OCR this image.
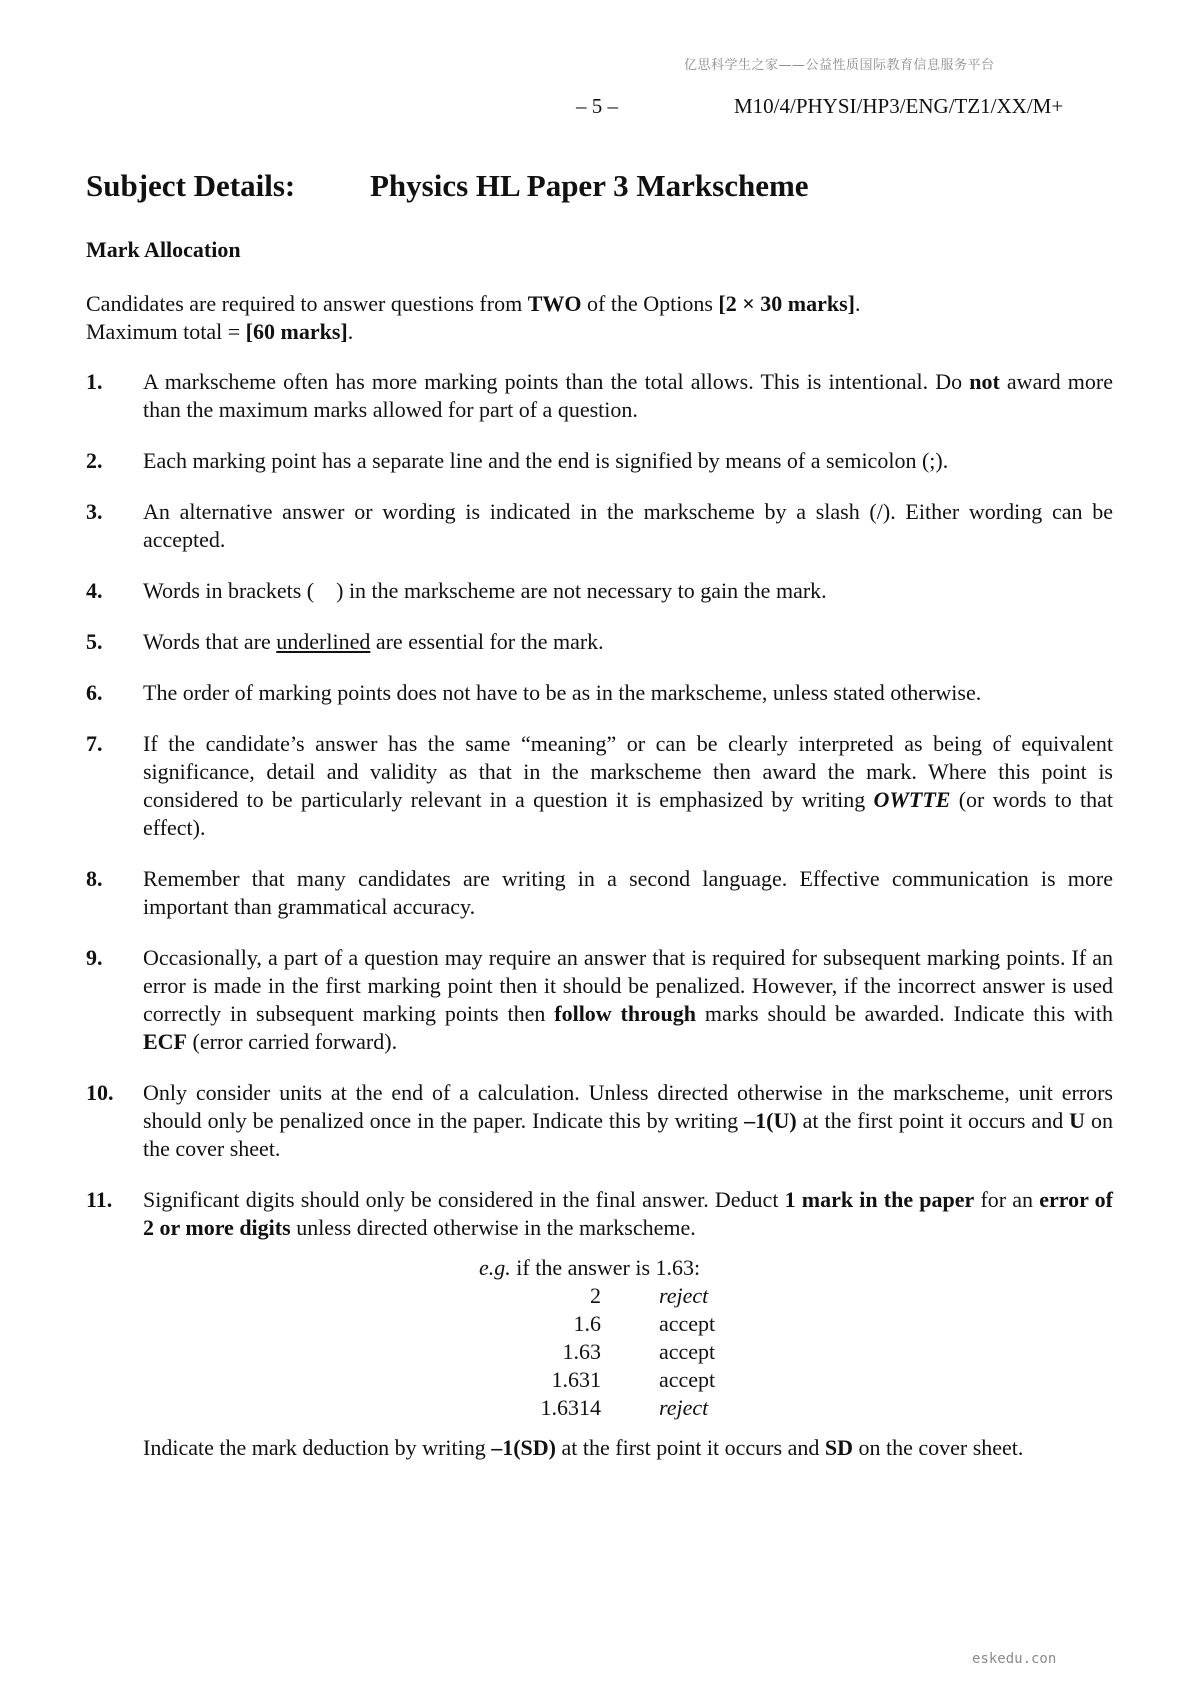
亿思科学生之家——公益性质国际教育信息服务平台
– 5 –	M10/4/PHYSI/HP3/ENG/TZ1/XX/M+
Subject Details: Physics HL Paper 3 Markscheme
Mark Allocation
Candidates are required to answer questions from TWO of the Options [2 × 30 marks].
Maximum total = [60 marks].
1. A markscheme often has more marking points than the total allows. This is intentional. Do not award more than the maximum marks allowed for part of a question.
2. Each marking point has a separate line and the end is signified by means of a semicolon (;).
3. An alternative answer or wording is indicated in the markscheme by a slash (/). Either wording can be accepted.
4. Words in brackets (    ) in the markscheme are not necessary to gain the mark.
5. Words that are underlined are essential for the mark.
6. The order of marking points does not have to be as in the markscheme, unless stated otherwise.
7. If the candidate’s answer has the same “meaning” or can be clearly interpreted as being of equivalent significance, detail and validity as that in the markscheme then award the mark. Where this point is considered to be particularly relevant in a question it is emphasized by writing OWTTE (or words to that effect).
8. Remember that many candidates are writing in a second language. Effective communication is more important than grammatical accuracy.
9. Occasionally, a part of a question may require an answer that is required for subsequent marking points. If an error is made in the first marking point then it should be penalized. However, if the incorrect answer is used correctly in subsequent marking points then follow through marks should be awarded. Indicate this with ECF (error carried forward).
10. Only consider units at the end of a calculation. Unless directed otherwise in the markscheme, unit errors should only be penalized once in the paper. Indicate this by writing –1(U) at the first point it occurs and U on the cover sheet.
11. Significant digits should only be considered in the final answer. Deduct 1 mark in the paper for an error of 2 or more digits unless directed otherwise in the markscheme.
e.g. if the answer is 1.63:
2	reject
1.6	accept
1.63	accept
1.631	accept
1.6314	reject
Indicate the mark deduction by writing –1(SD) at the first point it occurs and SD on the cover sheet.
eskedu.con
